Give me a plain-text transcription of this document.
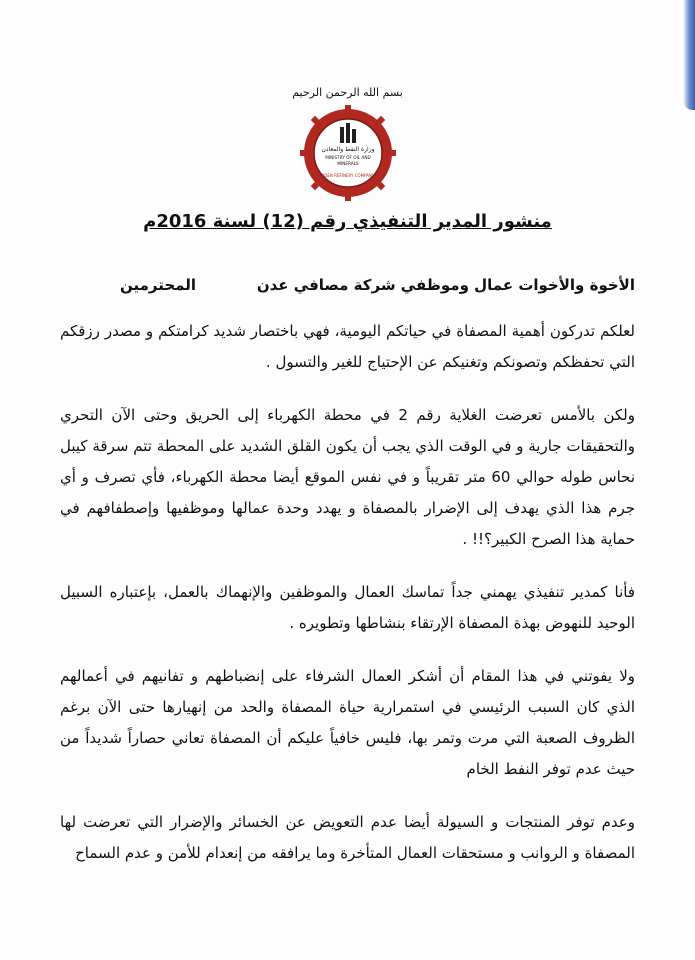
بسم الله الرحمن الرحيم
وزارة النفط والمعادن
MINISTRY OF OIL AND
MINERALS
ADEN REFINERY COMPANY
منشور المدير التنفيذي رقم (12) لسنة 2016م
الأخوة والأخوات عمال وموظفي شركة مصافي عدن
المحترمين

لعلكم تدركون أهمية المصفاة في حياتكم اليومية، فهي باختصار شديد كرامتكم و مصدر رزقكم التي تحفظكم وتصونكم وتغنيكم عن الإحتياج للغير والتسول .

ولكن بالأمس تعرضت الغلاية رقم 2 في محطة الكهرباء إلى الحريق وحتى الآن التحري والتحقيقات جارية و في الوقت الذي يجب أن يكون القلق الشديد على المحطة تتم سرقة كيبل نحاس طوله حوالي 60 متر تقريباً و في نفس الموقع أيضا محطة الكهرباء، فأي تصرف و أي جرم هذا الذي يهدف إلى الإضرار بالمصفاة و يهدد وحدة عمالها وموظفيها وإصطفافهم في حماية هذا الصرح الكبير؟!! .

فأنا كمدير تنفيذي يهمني جداً تماسك العمال والموظفين والإنهماك بالعمل، بإعتباره السبيل الوحيد للنهوض بهذة المصفاة الإرتقاء بنشاطها وتطويره .

ولا يفوتني في هذا المقام أن أشكر العمال الشرفاء على إنضباطهم و تفانيهم في أعمالهم الذي كان السبب الرئيسي في استمرارية حياة المصفاة والحد من إنهيارها حتى الآن برغم الظروف الصعبة التي مرت وتمر بها، فليس خافياً عليكم أن المصفاة تعاني حصاراً شديداً من حيث عدم توفر النفط الخام

وعدم توفر المنتجات و السيولة أيضا عدم التعويض عن الخسائر والإضرار التي تعرضت لها المصفاة و الروانب و مستحقات العمال المتأخرة وما يرافقه من إنعدام للأمن و عدم السماح
